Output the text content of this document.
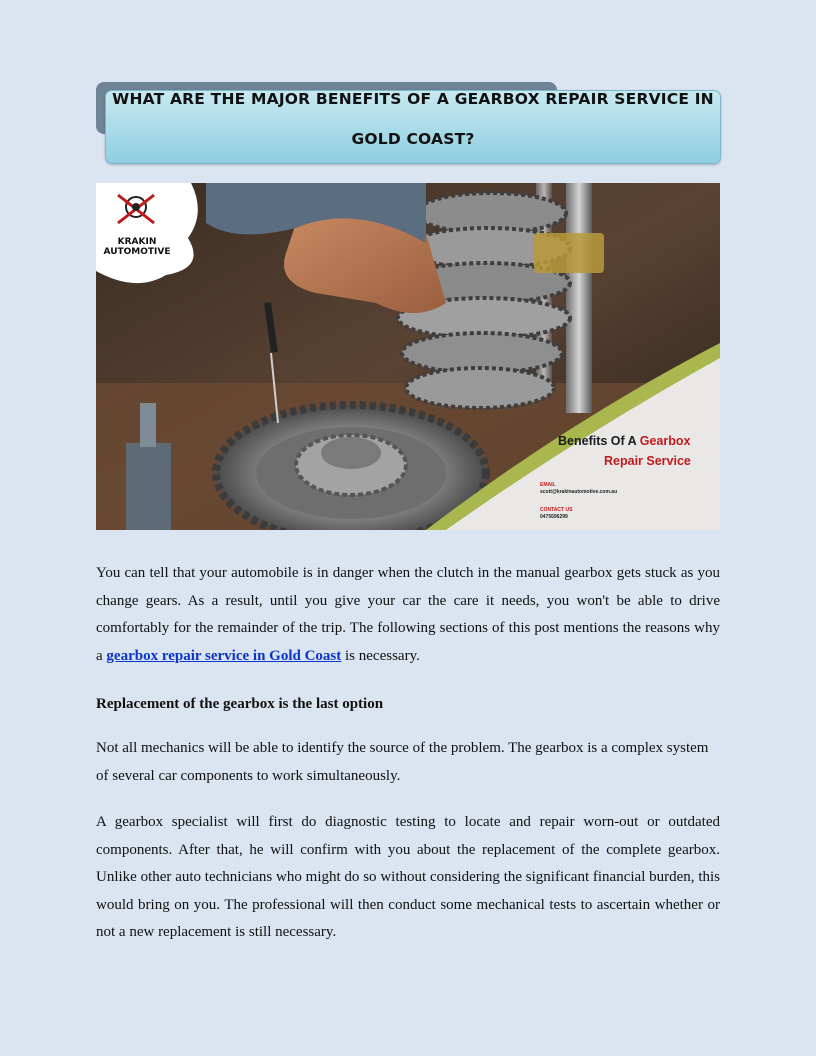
WHAT ARE THE MAJOR BENEFITS OF A GEARBOX REPAIR SERVICE IN
GOLD COAST?
KRAKIN
AUTOMOTIVE
Benefits Of A Gearbox
Repair Service
EMAIL
scott@krakinautomotive.com.au
CONTACT US
0475696299

You can tell that your automobile is in danger when the clutch in the manual gearbox gets stuck as you change gears. As a result, until you give your car the care it needs, you won't be able to drive comfortably for the remainder of the trip. The following sections of this post mentions the reasons why a gearbox repair service in Gold Coast is necessary.

Replacement of the gearbox is the last option

Not all mechanics will be able to identify the source of the problem. The gearbox is a complex system of several car components to work simultaneously.

A gearbox specialist will first do diagnostic testing to locate and repair worn-out or outdated components. After that, he will confirm with you about the replacement of the complete gearbox. Unlike other auto technicians who might do so without considering the significant financial burden, this would bring on you. The professional will then conduct some mechanical tests to ascertain whether or not a new replacement is still necessary.
